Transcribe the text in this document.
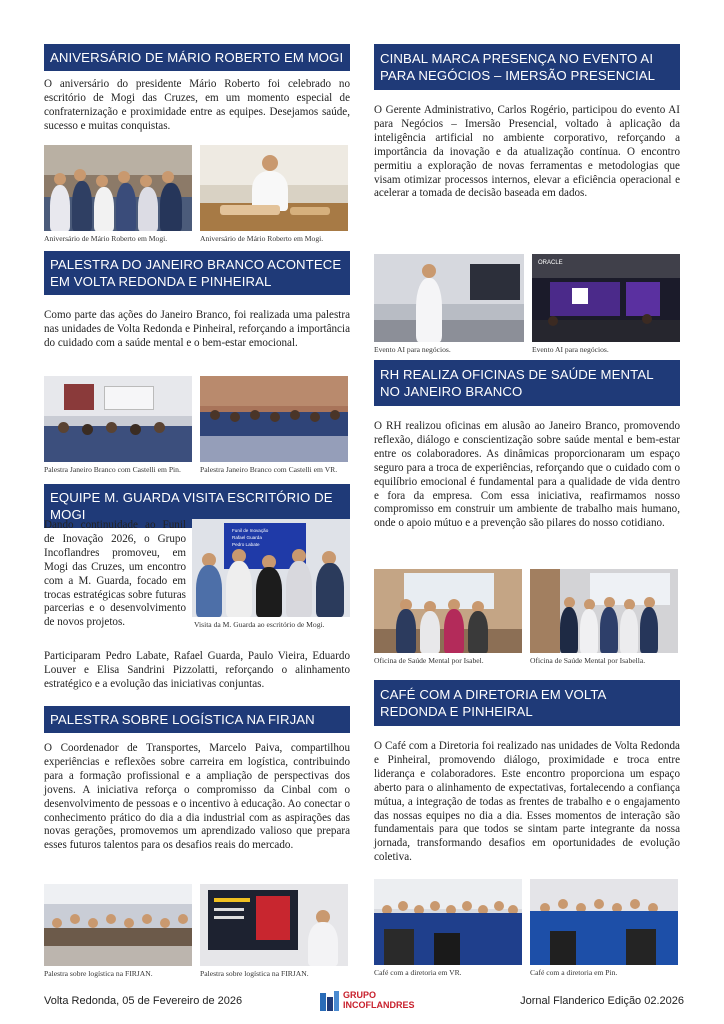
ANIVERSÁRIO DE MÁRIO ROBERTO EM MOGI

O aniversário do presidente Mário Roberto foi celebrado no escritório de Mogi das Cruzes, em um momento especial de confraternização e proximidade entre as equipes. Desejamos saúde, sucesso e muitas conquistas.

Aniversário de Mário Roberto em Mogi.	Aniversário de Mário Roberto em Mogi.
PALESTRA DO JANEIRO BRANCO ACONTECE EM VOLTA REDONDA E PINHEIRAL

Como parte das ações do Janeiro Branco, foi realizada uma palestra nas unidades de Volta Redonda e Pinheiral, reforçando a importância do cuidado com a saúde mental e o bem-estar emocional.

Palestra Janeiro Branco com Castelli em Pin.	Palestra Janeiro Branco com Castelli em VR.
EQUIPE M. GUARDA VISITA ESCRITÓRIO DE MOGI

Dando continuidade ao Funil de Inovação 2026, o Grupo Incoflandres promoveu, em Mogi das Cruzes, um encontro com a M. Guarda, focado em trocas estratégicas sobre futuras parcerias e o desenvolvimento de novos projetos.

Funil de Inovação
Rafael Guarda
Pedro Labate
Visita da M. Guarda ao escritório de Mogi.

Participaram Pedro Labate, Rafael Guarda, Paulo Vieira, Eduardo Louver e Elisa Sandrini Pizzolatti, reforçando o alinhamento estratégico e a evolução das iniciativas conjuntas.

PALESTRA SOBRE LOGÍSTICA NA FIRJAN

O Coordenador de Transportes, Marcelo Paiva, compartilhou experiências e reflexões sobre carreira em logística, contribuindo para a formação profissional e a ampliação de perspectivas dos jovens. A iniciativa reforça o compromisso da Cinbal com o desenvolvimento de pessoas e o incentivo à educação. Ao conectar o conhecimento prático do dia a dia industrial com as aspirações das novas gerações, promovemos um aprendizado valioso que prepara esses futuros talentos para os desafios reais do mercado.

Palestra sobre logística na FIRJAN.	Palestra sobre logística na FIRJAN.
CINBAL MARCA PRESENÇA NO EVENTO AI PARA NEGÓCIOS – IMERSÃO PRESENCIAL

O Gerente Administrativo, Carlos Rogério, participou do evento AI para Negócios – Imersão Presencial, voltado à aplicação da inteligência artificial no ambiente corporativo, reforçando a importância da inovação e da atualização contínua. O encontro permitiu a exploração de novas ferramentas e metodologias que visam otimizar processos internos, elevar a eficiência operacional e acelerar a tomada de decisão baseada em dados.

Evento AI para negócios.
ORACLE
Evento AI para negócios.
RH REALIZA OFICINAS DE SAÚDE MENTAL NO JANEIRO BRANCO

O RH realizou oficinas em alusão ao Janeiro Branco, promovendo reflexão, diálogo e conscientização sobre saúde mental e bem-estar entre os colaboradores. As dinâmicas proporcionaram um espaço seguro para a troca de experiências, reforçando que o cuidado com o equilíbrio emocional é fundamental para a qualidade de vida dentro e fora da empresa. Com essa iniciativa, reafirmamos nosso compromisso em construir um ambiente de trabalho mais humano, onde o apoio mútuo e a prevenção são pilares do nosso cotidiano.

Oficina de Saúde Mental por Isabel.	Oficina de Saúde Mental por Isabella.
CAFÉ COM A DIRETORIA EM VOLTA REDONDA E PINHEIRAL

O Café com a Diretoria foi realizado nas unidades de Volta Redonda e Pinheiral, promovendo diálogo, proximidade e troca entre liderança e colaboradores. Este encontro proporciona um espaço aberto para o alinhamento de expectativas, fortalecendo a confiança mútua, a integração de todas as frentes de trabalho e o engajamento das nossas equipes no dia a dia. Esses momentos de interação são fundamentais para que todos se sintam parte integrante da nossa jornada, transformando desafios em oportunidades de evolução coletiva.

Café com a diretoria em VR.	Café com a diretoria em Pin.
Volta Redonda, 05 de Fevereiro de 2026	GRUPO
INCOFLANDRES	Jornal Flanderico Edição 02.2026
